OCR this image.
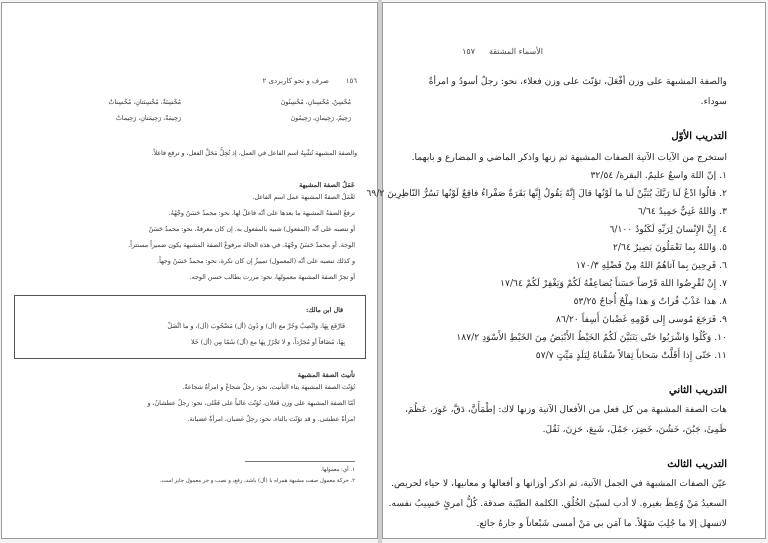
١٥٦
صرف و نحو كاربردی ٢
مُحْسِنٌ، مُحْسِنانِ، مُحْسِنُونَ
مُحْسِنَةٌ، مُحْسِنَتانِ، مُحْسِناتٌ
رَحِيمٌ، رَحِيمانِ، رَحِيمُونَ
رَحِيمَةٌ، رَحِيمَتانِ، رَحِيماتٌ
والصفة المشبهة تُشْبِهُ اسم الفاعل في العمل، إذ تُحِلُّ مَحَلَّ الفعل، و ترفع فاعلاً.
عَمَلُ الصفة المشبهة
تَعْمَلُ الصفةُ المشبهة عمل اسم الفاعل.
ترفعُ الصفةُ المشبهة ما بعدها على أنّه فاعلٌ لها، نحو: محمدٌ حَسَنٌ وجْهُهُ.
أو تنصبه على أنّه (المفعول) شبيه بالمفعول به. إن كان معرفةً، نحو: محمدٌ حَسَنٌ
الوجهَ. أو محمدٌ حَسَنٌ وجْهَهُ. في هذه الحالة مرفوعٌ الصفة المشبهة يكون ضميراً مستتراً.
و كذلك تنصبه على أنّه (المعمول) تمييزٌ إن كان نكرة، نحو: محمدٌ حَسَنٌ وجهاً.
أو تجرّ الصفة المشبهة معمولها، نحو: مررت بطالب حسن الوجه.
قال ابن مالك:
فَارْفَع بِهَا، وَانْصِبْ وَجُرَّ مع (أل) و دُونَ (أل) مَصْحُوبَ (أل)، و ما اتَّصَلْ
بِهَا، مُضَافاً أو مُجَرَّداً، و لا تَجْرُرْ بِهَا مع (أل) سُمًا مِن (أل) خَلا
تأنيث الصفة المشبهة
تُؤنّث الصفة المشبهة بتاء التأنيث، نحو: رجلٌ شجاعٌ و امرأةٌ شجاعةٌ.
أمّا الصفة المشبهة على وزن فَعلان، تُؤنّث غالباً على فَعْلى، نحو: رجلٌ عطشانُ، و
امرأةٌ عطشى. و قد تؤنّث بالتاء، نحو: رجلٌ غضبان، امرأةٌ غضبانة.
١. أي: معمولها.
٢. حركة معمول صفت مشبهة همراه با (أل) باشد، رفع، و نصب و جر معمول جایز است.
١٥٧ الأسماء المشتقة
والصفة المشبهة على وزن أفْعَلَ، تؤنّث على وزن فعلاء، نحو: رجلٌ أسودُ و امرأةٌ
سوداء.
التدريب الأوّل
استخرج من الآيات الآتية الصفات المشبهة ثم زنها واذكر الماضي و المضارع و بابهما.
١. إنّ اللهَ واسعٌ عليمٌ. البقرة/ ٣٢/٥٤
٢. قالُوا ادْعُ لَنا رَبَّكَ يُبَيِّنْ لَنا ما لَوْنُها قالَ إِنَّهُ يَقُولُ إِنَّها بَقَرَةٌ صَفْراءُ فاقِعٌ لَوْنُها تَسُرُّ النّاظِرِينَ ٦٩/٢
٣. وَاللهُ غَنِيٌّ حَمِيدٌ ٦/٦٤
٤. إِنَّ الإِنْسانَ لِرَبِّهِ لَكَنُودٌ ٦/١٠٠
٥. وَاللهُ بِما تَعْمَلُونَ بَصِيرٌ ٢/٦٤
٦. فَرِحِينَ بِما آتاهُمُ اللهُ مِنْ فَضْلِهِ ١٧٠/٣
٧. إِنْ تُقْرِضُوا اللهَ قَرْضاً حَسَناً يُضاعِفْهُ لَكُمْ وَيَغْفِرْ لَكُمْ ١٧/٦٤
٨. هذا عَذْبٌ فُراتٌ وَ هذا مِلْحٌ أُجاجٌ ٥٣/٢٥
٩. فَرَجَعَ مُوسى إِلى قَوْمِهِ غَضْبانَ أَسِفاً ٨٦/٢٠
١٠. وَكُلُوا وَاشْرَبُوا حَتّى يَتَبَيَّنَ لَكُمُ الخَيْطُ الأَبْيَضُ مِنَ الخَيْطِ الأَسْوَدِ ١٨٧/٢
١١. حَتّى إِذا أَقَلَّتْ سَحاباً ثِقالاً سُقْناهُ لِبَلَدٍ مَيِّتٍ ٥٧/٧
التدريب الثاني
هات الصفة المشبهة من كل فعل من الأفعال الآتية وزنها لاك: إطْمَأَنَّ، دَقَّ، عَوِرَ، عَظُمَ،
ظَمِئَ، جَبُنَ، خَشُنَ، خَضِرَ، جَمُلَ، شَبِعَ، حَزِنَ، ثَقُلَ.
التدريب الثالث
عيّن الصفات المشبهة في الجمل الآتية، ثم اذكر أوزانها و أفعالها و معانيها، لا حياء لحريص.
السعيدُ مَنْ وُعِظَ بغيرهِ. لا أدب لسيّئ الخُلُق. الكلمة الطيّبة صدقة. كُلُّ امرئٍ حَسِيبُ نفسه.
لاتسهل إلا ما جُلِبَ سَهْلاً. ما آمَن بي مَنْ أمسى شَبْعاناً و جارهُ جائع.
